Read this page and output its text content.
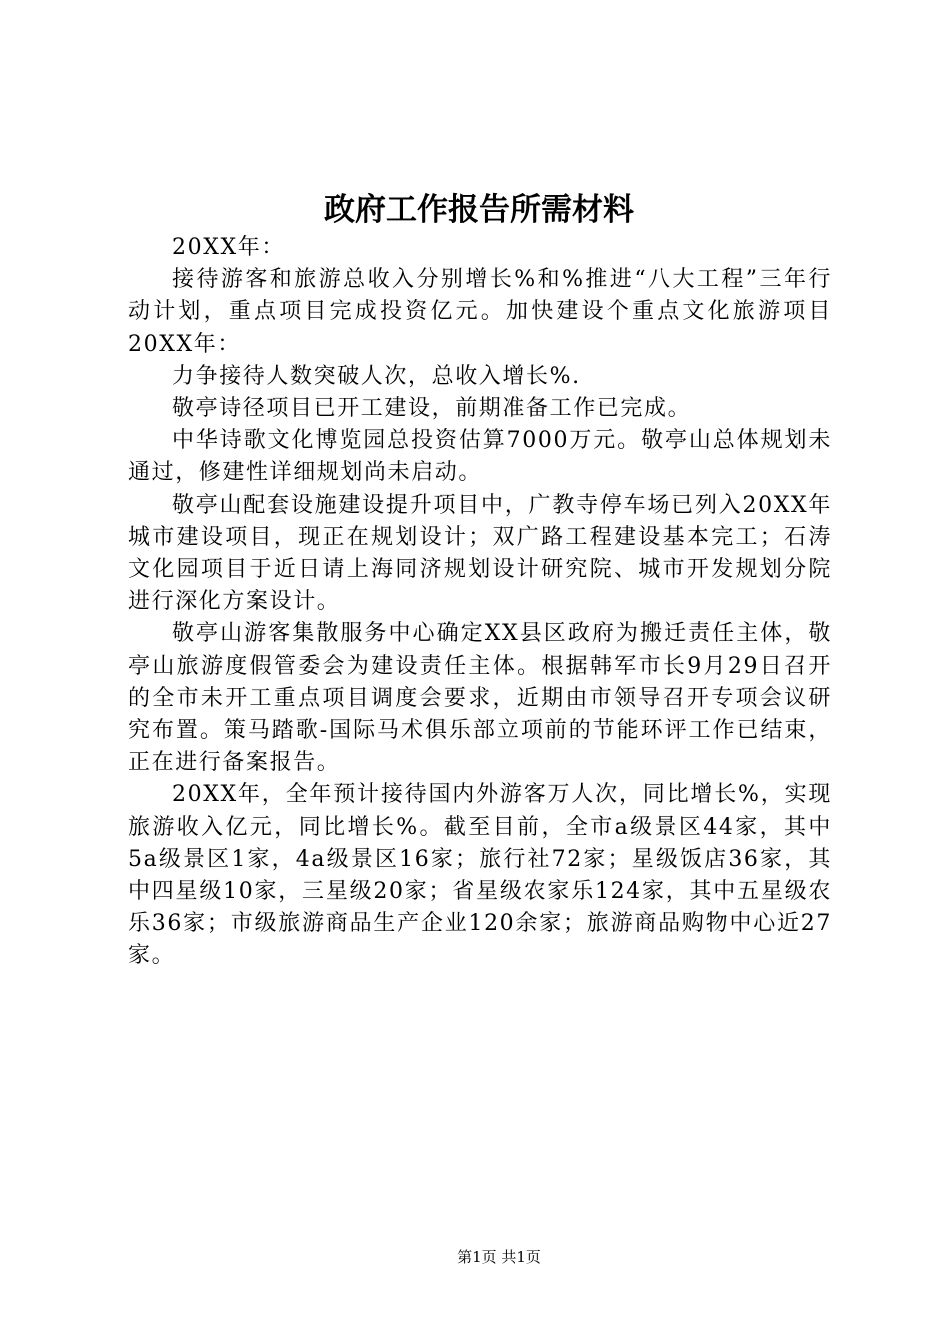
政府工作报告所需材料

20XX年：

接待游客和旅游总收入分别增长%和%推进“八大工程”三年行动计划，重点项目完成投资亿元。加快建设个重点文化旅游项目20XX年：

力争接待人数突破人次，总收入增长%.

敬亭诗径项目已开工建设，前期准备工作已完成。

中华诗歌文化博览园总投资估算7000万元。敬亭山总体规划未通过，修建性详细规划尚未启动。

敬亭山配套设施建设提升项目中，广教寺停车场已列入20XX年城市建设项目，现正在规划设计；双广路工程建设基本完工；石涛文化园项目于近日请上海同济规划设计研究院、城市开发规划分院进行深化方案设计。

敬亭山游客集散服务中心确定XX县区政府为搬迁责任主体，敬亭山旅游度假管委会为建设责任主体。根据韩军市长9月29日召开的全市未开工重点项目调度会要求，近期由市领导召开专项会议研究布置。策马踏歌-国际马术俱乐部立项前的节能环评工作已结束，正在进行备案报告。

20XX年，全年预计接待国内外游客万人次，同比增长%，实现旅游收入亿元，同比增长%。截至目前，全市a级景区44家，其中5a级景区1家，4a级景区16家；旅行社72家；星级饭店36家，其中四星级10家，三星级20家；省星级农家乐124家，其中五星级农乐36家；市级旅游商品生产企业120余家；旅游商品购物中心近27家。

第1页 共1页
